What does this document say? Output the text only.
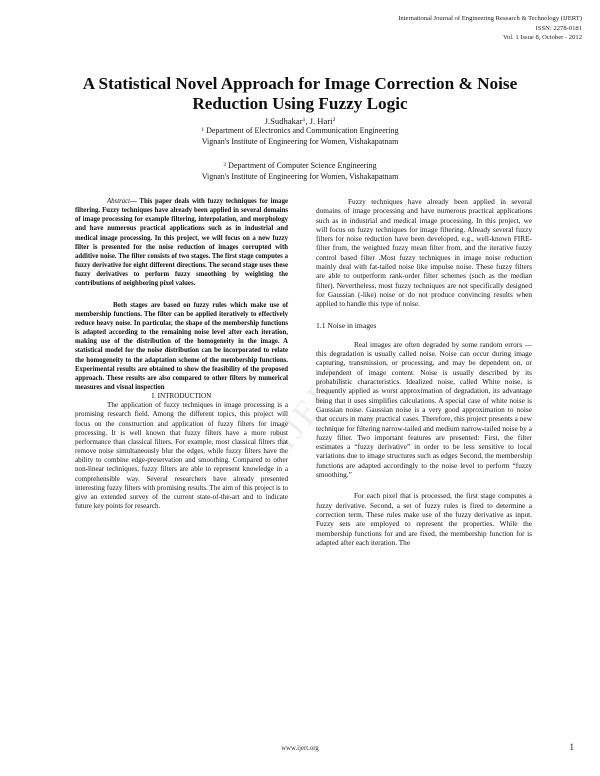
International Journal of Engineering Research & Technology (IJERT)
ISSN: 2278-0181
Vol. 1 Issue 8, October - 2012
A Statistical Novel Approach for Image Correction & Noise
Reduction Using Fuzzy Logic
J.Sudhakar$^1$, J. Hari$^2$
$^1$ Department of Electronics and Communication Engineering
Vignan's Institute of Engineering for Women, Vishakapatnam
$^2$ Department of Computer Science Engineering
Vignan's Institute of Engineering for Women, Vishakapatnam

Abstract— This paper deals with fuzzy techniques for image filtering. Fuzzy techniques have already been applied in several domains of image processing for example filtering, interpolation, and morphology and have numerous practical applications such as in industrial and medical image processing. In this project, we will focus on a new fuzzy filter is presented for the noise reduction of images corrupted with additive noise. The filter consists of two stages. The first stage computes a fuzzy derivative for eight different directions. The second stage uses these fuzzy derivatives to perform fuzzy smoothing by weighting the contributions of neighboring pixel values.

Both stages are based on fuzzy rules which make use of membership functions. The filter can be applied iteratively to effectively reduce heavy noise. In particular, the shape of the membership functions is adapted according to the remaining noise level after each iteration, making use of the distribution of the homogeneity in the image. A statistical model for the noise distribution can be incorporated to relate the homogeneity to the adaptation scheme of the membership functions. Experimental results are obtained to show the feasibility of the proposed approach. These results are also compared to other filters by numerical measures and visual inspection

I. INTRODUCTION

The application of fuzzy techniques in image processing is a promising research field. Among the different topics, this project will focus on the construction and application of fuzzy filters for image processing. It is well known that fuzzy filters have a more robust performance than classical filters. For example, most classical filters that remove noise simultaneously blur the edges, while fuzzy filters have the ability to combine edge-preservation and smoothing. Compared to other non-linear techniques, fuzzy filters are able to represent knowledge in a comprehensible way. Several researchers have already presented interesting fuzzy filters with promising results. The aim of this project is to give an extended survey of the current state-of-the-art and to indicate future key points for research.

Fuzzy techniques have already been applied in several domains of image processing and have numerous practical applications such as in industrial and medical image processing. In this project, we will focus on fuzzy techniques for image filtering. Already several fuzzy filters for noise reduction have been developed, e.g., well-known FIRE-filter from, the weighted fuzzy mean filter from, and the iterative fuzzy control based filter .Most fuzzy techniques in image noise reduction mainly deal with fat-tailed noise like impulse noise. These fuzzy filters are able to outperform rank-order filter schemes (such as the median filter). Nevertheless, most fuzzy techniques are not specifically designed for Gaussian (-like) noise or do not produce convincing results when applied to handle this type of noise.

1.1 Noise in images

Real images are often degraded by some random errors —this degradation is usually called noise. Noise can occur during image capturing, transmission, or processing, and may be dependent on, or independent of image content. Noise is usually described by its probabilistic characteristics. Idealized noise, called White noise, is frequently applied as worst approximation of degradation, its advantage being that it uses simplifies calculations. A special case of white noise is Gaussian noise. Gaussian noise is a very good approximation to noise that occurs in many practical cases. Therefore, this project presents a new technique for filtering narrow-tailed and medium narrow-tailed noise by a fuzzy filter. Two important features are presented: First, the filter estimates a “fuzzy derivative” in order to be less sensitive to local variations due to image structures such as edges Second, the membership functions are adapted accordingly to the noise level to perform “fuzzy smoothing.”

For each pixel that is processed, the first stage computes a fuzzy derivative. Second, a set of fuzzy rules is fired to determine a correction term. These rules make use of the fuzzy derivative as input. Fuzzy sets are employed to represent the properties. While the membership functions for and are fixed, the membership function for is adapted after each iteration. The

IJERT
www.ijert.org	1
